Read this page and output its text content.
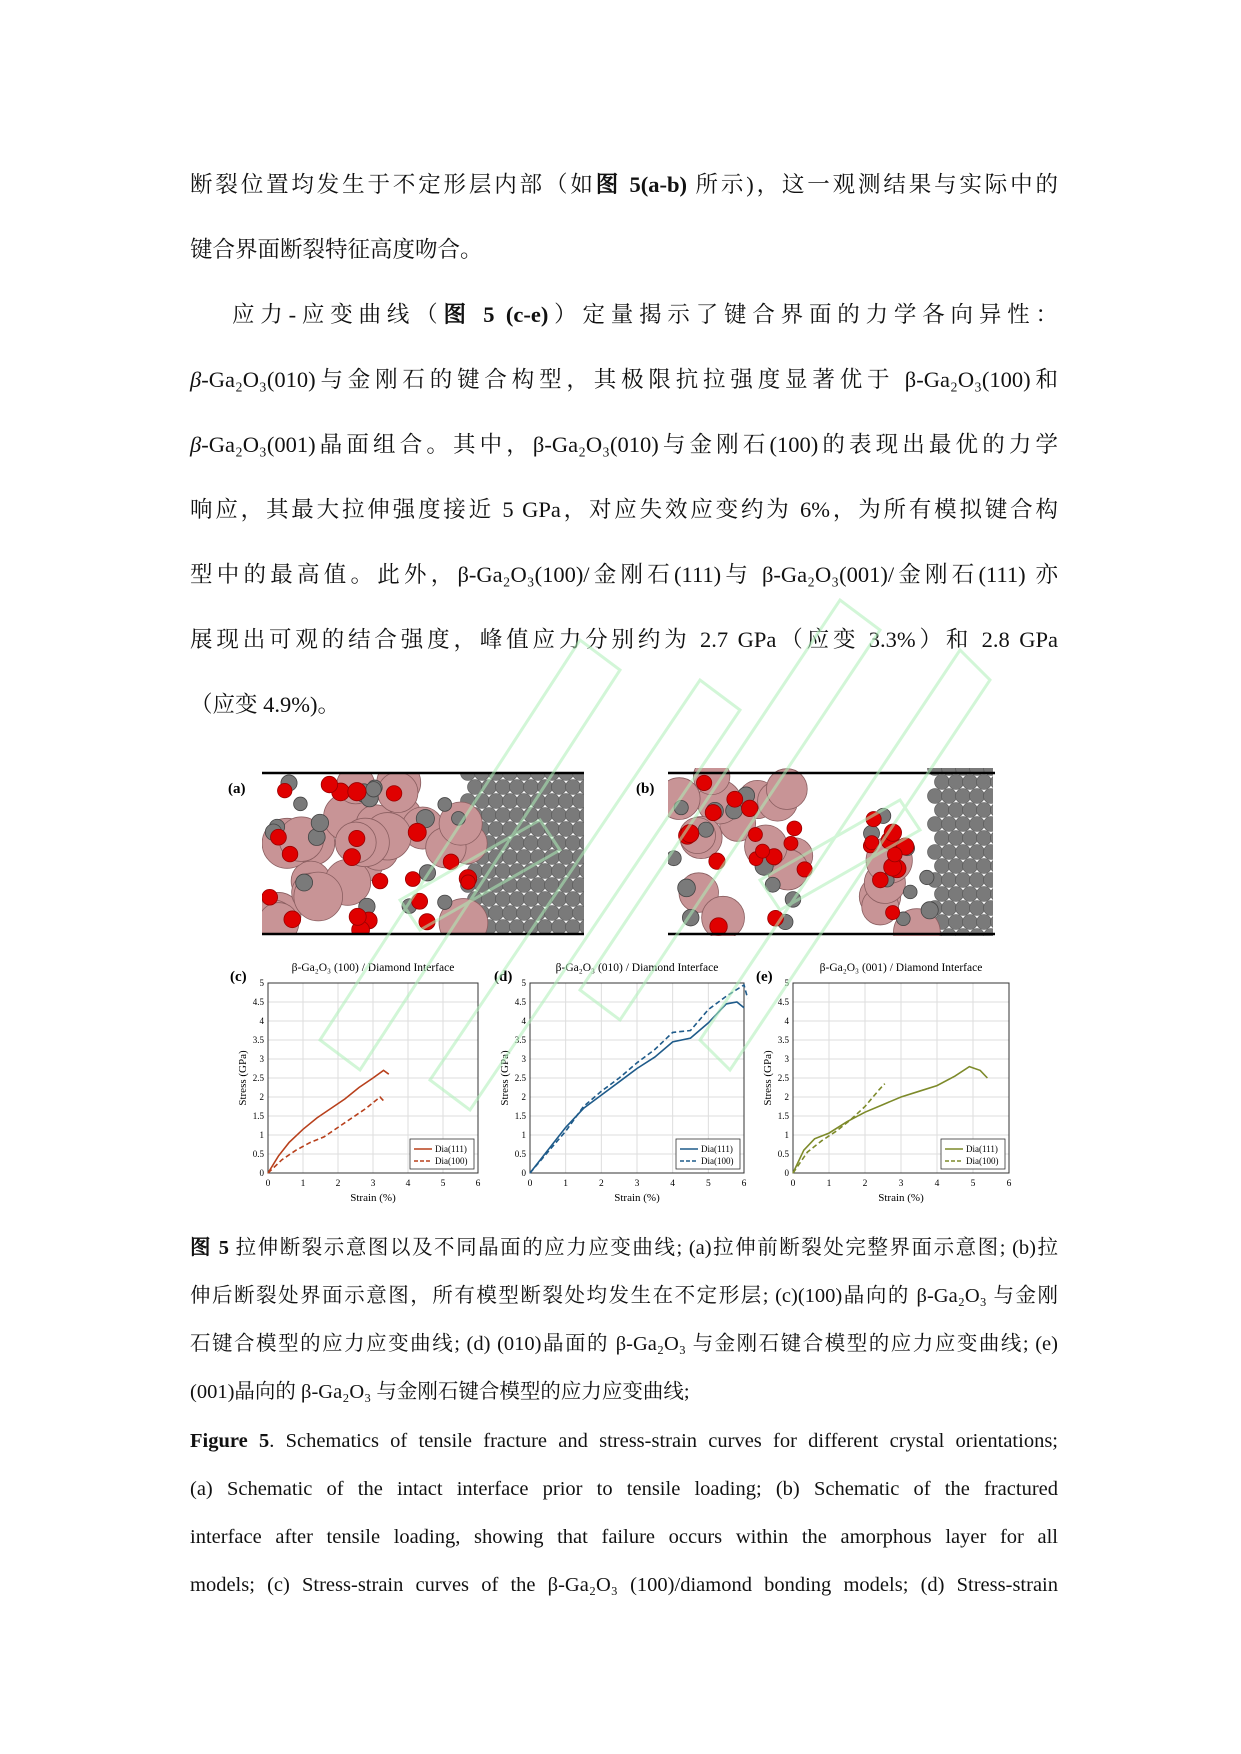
断裂位置均发生于不定形层内部（如图 5(a-b) 所示)，这一观测结果与实际中的
键合界面断裂特征高度吻合。
应力-应变曲线（图 5 (c-e)）定量揭示了键合界面的力学各向异性：
β-Ga₂O₃(010)与金刚石的键合构型，其极限抗拉强度显著优于 β-Ga₂O₃(100)和
β-Ga₂O₃(001)晶面组合。其中，β-Ga₂O₃(010)与金刚石(100)的表现出最优的力学
响应，其最大拉伸强度接近 5 GPa，对应失效应变约为 6%，为所有模拟键合构
型中的最高值。此外，β-Ga₂O₃(100)/金刚石(111)与 β-Ga₂O₃(001)/金刚石(111) 亦
展现出可观的结合强度，峰值应力分别约为 2.7 GPa（应变 3.3%）和 2.8 GPa
（应变 4.9%)。
(a)	(b)
(c)
β-Ga₂O₃ (100) / Diamond Interface
0	1	2	3	4	5	6
0
0.5
1
1.5
2
2.5
3
3.5
4
4.5
5
Strain (%)
Stress (GPa)
Dia(111)
Dia(100)
(d)
β-Ga₂O₃ (010) / Diamond Interface
0	1	2	3	4	5	6
0
0.5
1
1.5
2
2.5
3
3.5
4
4.5
5
Strain (%)
Stress (GPa)
Dia(111)
Dia(100)
(e)
β-Ga₂O₃ (001) / Diamond Interface
0	1	2	3	4	5	6
0
0.5
1
1.5
2
2.5
3
3.5
4
4.5
5
Strain (%)
Stress (GPa)
Dia(111)
Dia(100)
图 5 拉伸断裂示意图以及不同晶面的应力应变曲线; (a)拉伸前断裂处完整界面示意图; (b)拉
伸后断裂处界面示意图，所有模型断裂处均发生在不定形层; (c)(100)晶向的 β-Ga₂O₃ 与金刚
石键合模型的应力应变曲线; (d) (010)晶面的 β-Ga₂O₃ 与金刚石键合模型的应力应变曲线; (e)
(001)晶向的 β-Ga₂O₃ 与金刚石键合模型的应力应变曲线;
Figure 5. Schematics of tensile fracture and stress-strain curves for different crystal orientations;
(a) Schematic of the intact interface prior to tensile loading; (b) Schematic of the fractured
interface after tensile loading, showing that failure occurs within the amorphous layer for all
models; (c) Stress-strain curves of the β-Ga₂O₃ (100)/diamond bonding models; (d) Stress-strain
